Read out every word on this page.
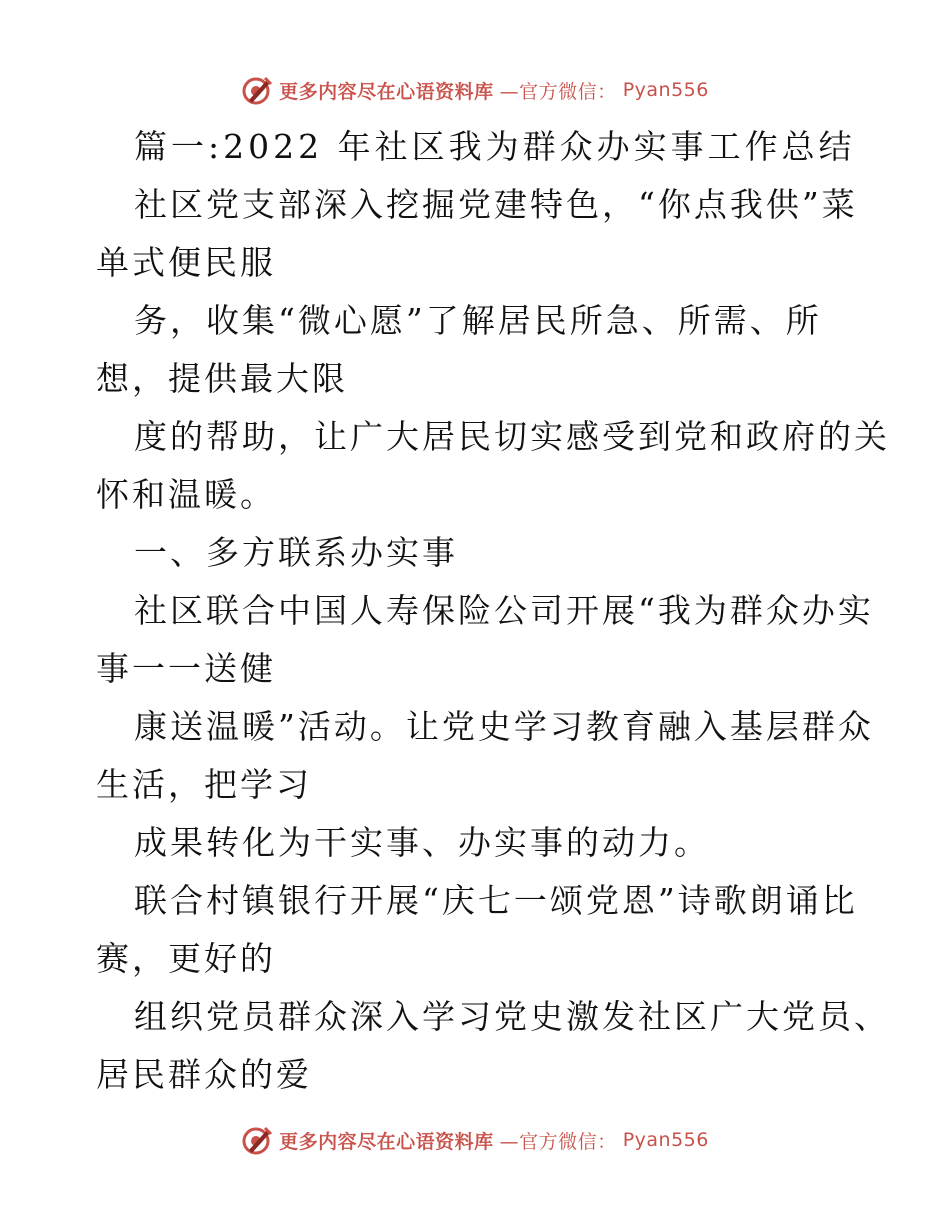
更多内容尽在心语资料库 —官方微信： Pyan556
篇一:2022 年社区我为群众办实事工作总结
社区党支部深入挖掘党建特色，“你点我供”菜
单式便民服
务，收集“微心愿”了解居民所急、所需、所
想，提供最大限
度的帮助，让广大居民切实感受到党和政府的关
怀和温暖。
一、多方联系办实事
社区联合中国人寿保险公司开展“我为群众办实
事一一送健
康送温暖”活动。让党史学习教育融入基层群众
生活，把学习
成果转化为干实事、办实事的动力。
联合村镇银行开展“庆七一颂党恩”诗歌朗诵比
赛，更好的
组织党员群众深入学习党史激发社区广大党员、
居民群众的爱
更多内容尽在心语资料库 —官方微信： Pyan556
